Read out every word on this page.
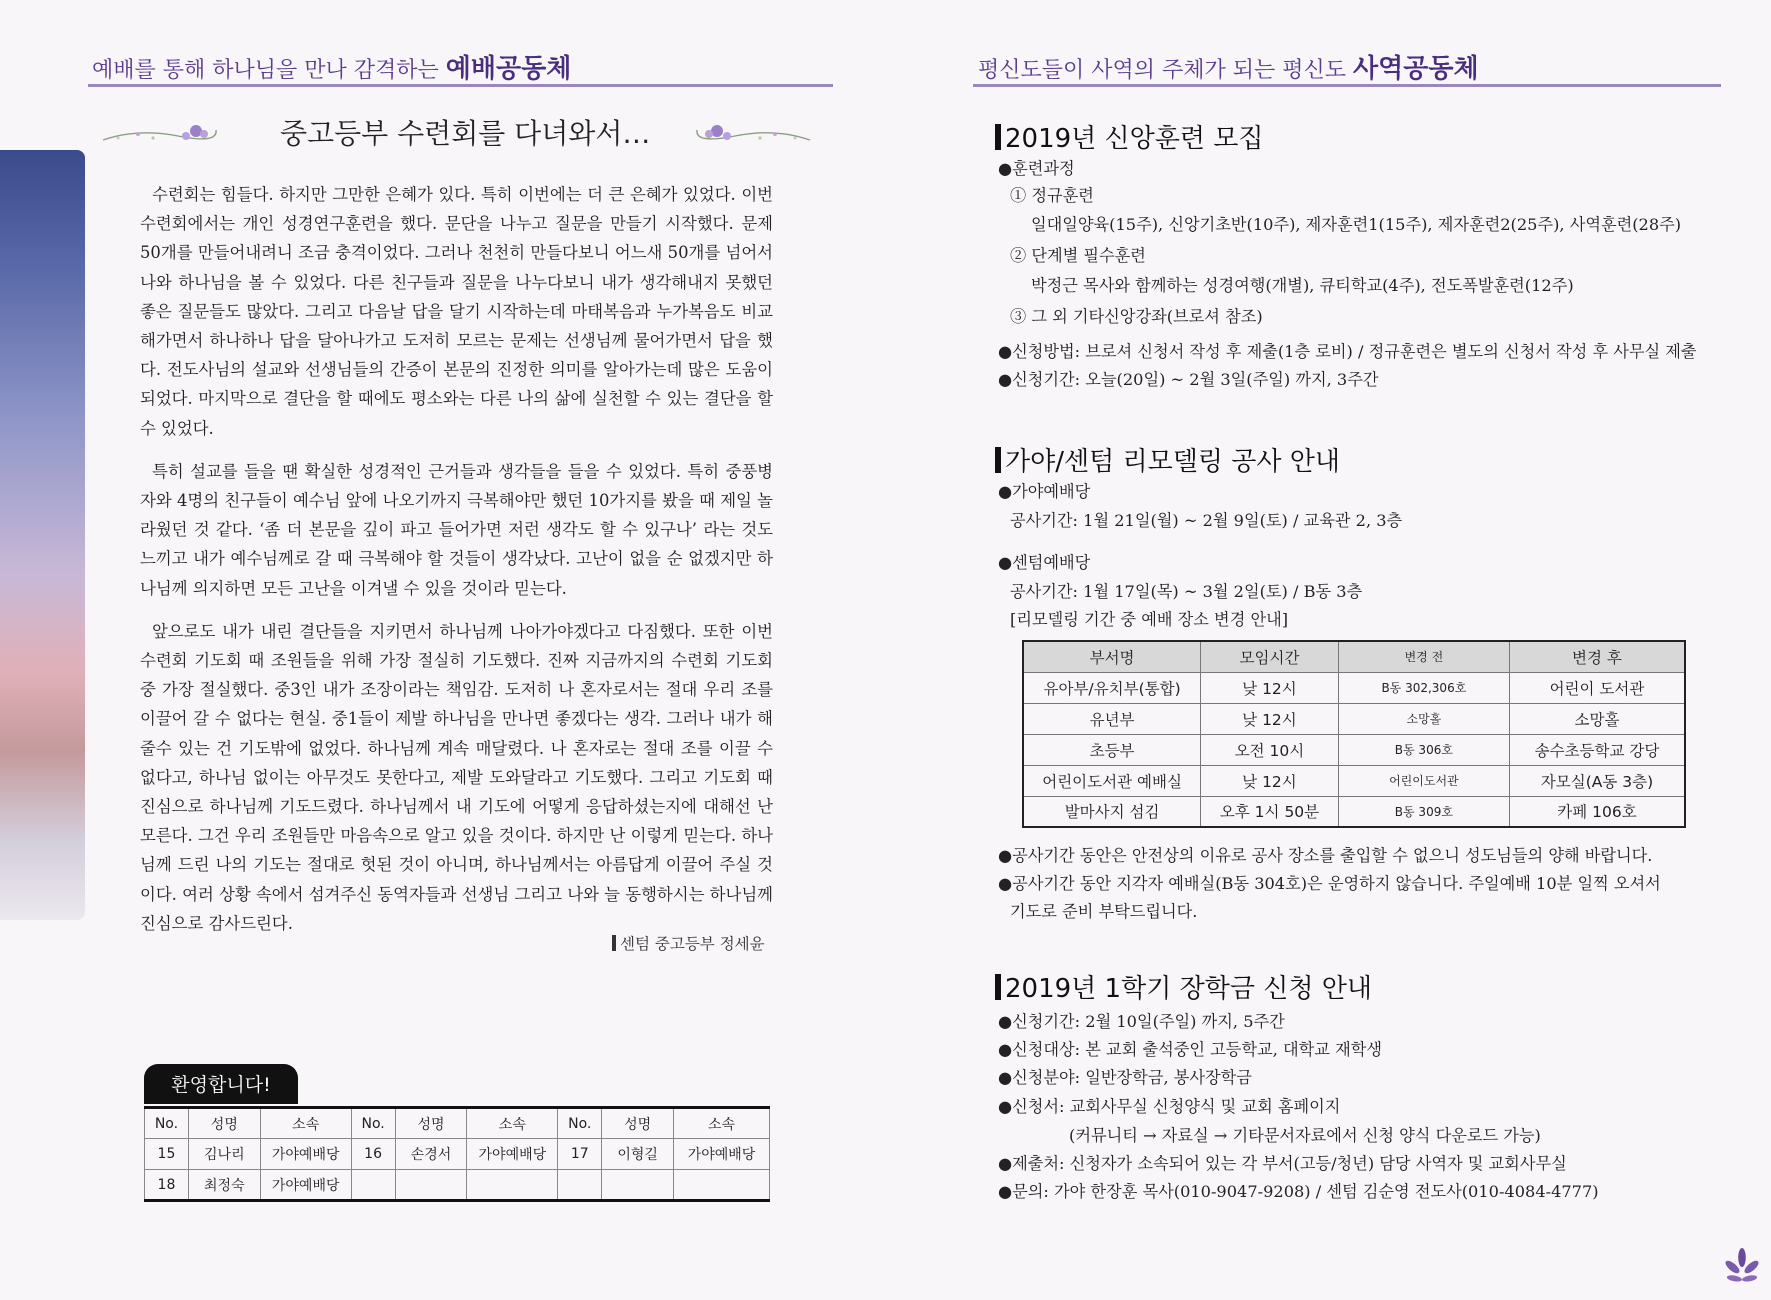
예배를 통해 하나님을 만나 감격하는 예배공동체
중고등부 수련회를 다녀와서…

수련회는 힘들다. 하지만 그만한 은혜가 있다. 특히 이번에는 더 큰 은혜가 있었다. 이번 수련회에서는 개인 성경연구훈련을 했다. 문단을 나누고 질문을 만들기 시작했다. 문제 50개를 만들어내려니 조금 충격이었다. 그러나 천천히 만들다보니 어느새 50개를 넘어서 나와 하나님을 볼 수 있었다. 다른 친구들과 질문을 나누다보니 내가 생각해내지 못했던 좋은 질문들도 많았다. 그리고 다음날 답을 달기 시작하는데 마태복음과 누가복음도 비교해가면서 하나하나 답을 달아나가고 도저히 모르는 문제는 선생님께 물어가면서 답을 했다. 전도사님의 설교와 선생님들의 간증이 본문의 진정한 의미를 알아가는데 많은 도움이 되었다. 마지막으로 결단을 할 때에도 평소와는 다른 나의 삶에 실천할 수 있는 결단을 할 수 있었다.

특히 설교를 들을 땐 확실한 성경적인 근거들과 생각들을 들을 수 있었다. 특히 중풍병자와 4명의 친구들이 예수님 앞에 나오기까지 극복해야만 했던 10가지를 봤을 때 제일 놀라웠던 것 같다. ‘좀 더 본문을 깊이 파고 들어가면 저런 생각도 할 수 있구나’ 라는 것도 느끼고 내가 예수님께로 갈 때 극복해야 할 것들이 생각났다. 고난이 없을 순 없겠지만 하나님께 의지하면 모든 고난을 이겨낼 수 있을 것이라 믿는다.

앞으로도 내가 내린 결단들을 지키면서 하나님께 나아가야겠다고 다짐했다. 또한 이번 수련회 기도회 때 조원들을 위해 가장 절실히 기도했다. 진짜 지금까지의 수련회 기도회 중 가장 절실했다. 중3인 내가 조장이라는 책임감. 도저히 나 혼자로서는 절대 우리 조를 이끌어 갈 수 없다는 현실. 중1들이 제발 하나님을 만나면 좋겠다는 생각. 그러나 내가 해 줄수 있는 건 기도밖에 없었다. 하나님께 계속 매달렸다. 나 혼자로는 절대 조를 이끌 수 없다고, 하나님 없이는 아무것도 못한다고, 제발 도와달라고 기도했다. 그리고 기도회 때 진심으로 하나님께 기도드렸다. 하나님께서 내 기도에 어떻게 응답하셨는지에 대해선 난 모른다. 그건 우리 조원들만 마음속으로 알고 있을 것이다. 하지만 난 이렇게 믿는다. 하나님께 드린 나의 기도는 절대로 헛된 것이 아니며, 하나님께서는 아름답게 이끌어 주실 것이다. 여러 상황 속에서 섬겨주신 동역자들과 선생님 그리고 나와 늘 동행하시는 하나님께 진심으로 감사드린다.

센텀 중고등부 정세윤
환영합니다!
No.	성명	소속	No.	성명	소속	No.	성명	소속
15	김나리	가야예배당	16	손경서	가야예배당	17	이형길	가야예배당
18	최정숙	가야예배당						
평신도들이 사역의 주체가 되는 평신도 사역공동체
2019년 신앙훈련 모집
●훈련과정
① 정규훈련
일대일양육(15주), 신앙기초반(10주), 제자훈련1(15주), 제자훈련2(25주), 사역훈련(28주)
② 단계별 필수훈련
박정근 목사와 함께하는 성경여행(개별), 큐티학교(4주), 전도폭발훈련(12주)
③ 그 외 기타신앙강좌(브로셔 참조)
●신청방법: 브로셔 신청서 작성 후 제출(1층 로비) / 정규훈련은 별도의 신청서 작성 후 사무실 제출
●신청기간: 오늘(20일) ~ 2월 3일(주일) 까지, 3주간
가야/센텀 리모델링 공사 안내
●가야예배당
공사기간: 1월 21일(월) ~ 2월 9일(토) / 교육관 2, 3층
●센텀예배당
공사기간: 1월 17일(목) ~ 3월 2일(토) / B동 3층
[리모델링 기간 중 예배 장소 변경 안내]
부서명	모임시간	변경 전	변경 후
유아부/유치부(통합)	낮 12시	B동 302,306호	어린이 도서관
유년부	낮 12시	소망홀	소망홀
초등부	오전 10시	B동 306호	송수초등학교 강당
어린이도서관 예배실	낮 12시	어린이도서관	자모실(A동 3층)
발마사지 섬김	오후 1시 50분	B동 309호	카페 106호
●공사기간 동안은 안전상의 이유로 공사 장소를 출입할 수 없으니 성도님들의 양해 바랍니다.
●공사기간 동안 지각자 예배실(B동 304호)은 운영하지 않습니다. 주일예배 10분 일찍 오셔서
기도로 준비 부탁드립니다.
2019년 1학기 장학금 신청 안내
●신청기간: 2월 10일(주일) 까지, 5주간
●신청대상: 본 교회 출석중인 고등학교, 대학교 재학생
●신청분야: 일반장학금, 봉사장학금
●신청서: 교회사무실 신청양식 및 교회 홈페이지
(커뮤니티 → 자료실 → 기타문서자료에서 신청 양식 다운로드 가능)
●제출처: 신청자가 소속되어 있는 각 부서(고등/청년) 담당 사역자 및 교회사무실
●문의: 가야 한장훈 목사(010-9047-9208) / 센텀 김순영 전도사(010-4084-4777)
